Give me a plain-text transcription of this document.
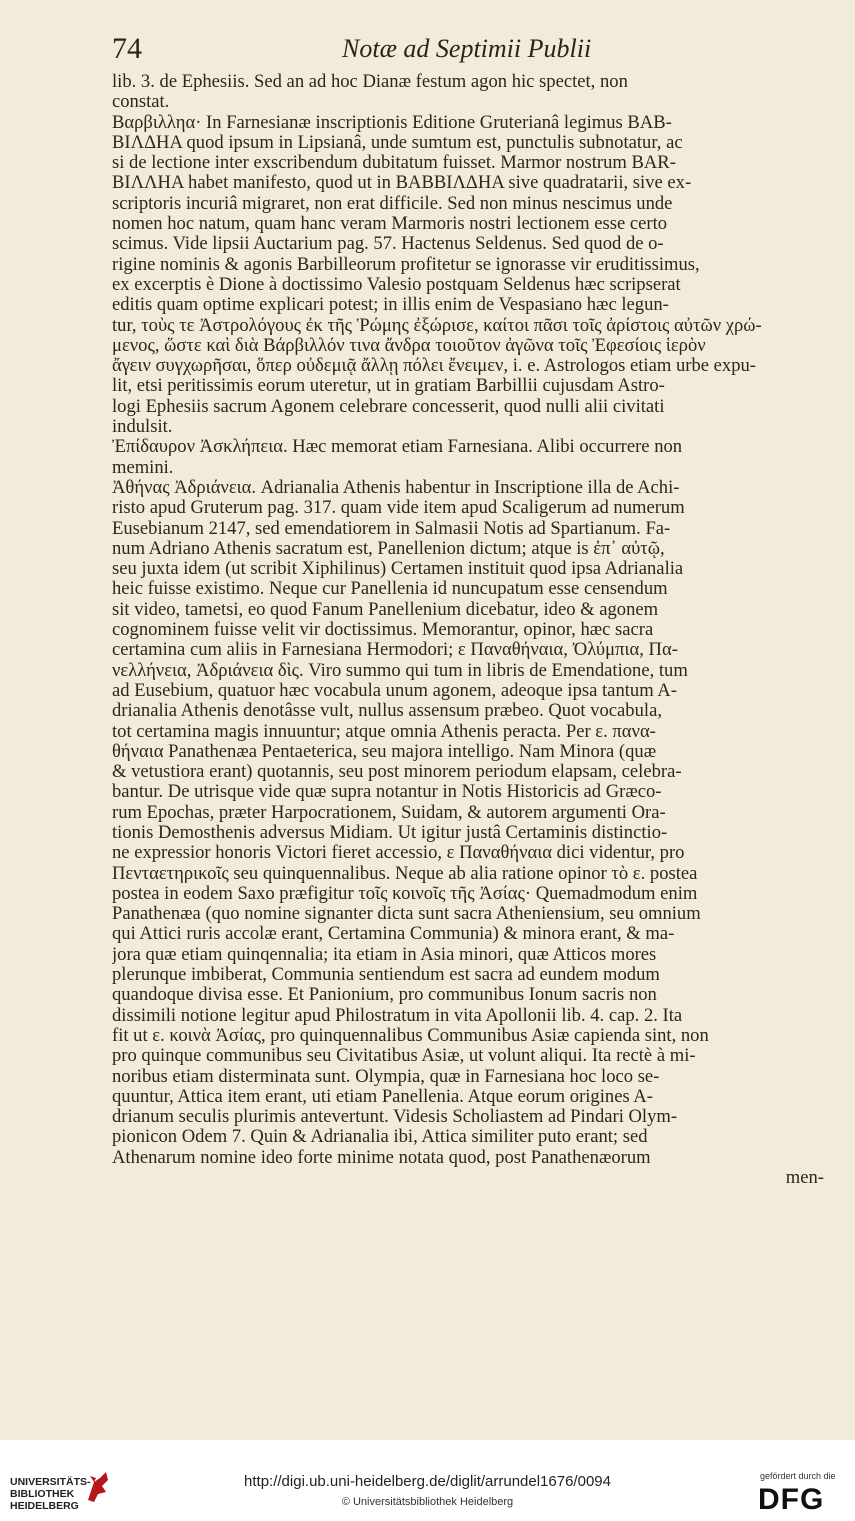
74	Notæ ad Septimii Publii
lib. 3. de Ephesiis. Sed an ad hoc Dianæ festum agon hic spectet, non
constat.
Βαρβιλληα· In Farnesianæ inscriptionis Editione Gruterianâ legimus BAB-
BIΛΔHA quod ipsum in Lipsianâ, unde sumtum est, punctulis subnotatur, ac
si de lectione inter exscribendum dubitatum fuisset. Marmor nostrum BAR-
BIΛΛHA habet manifesto, quod ut in BABBIΛΔHA sive quadratarii, sive ex-
scriptoris incuriâ migraret, non erat difficile. Sed non minus nescimus unde
nomen hoc natum, quam hanc veram Marmoris nostri lectionem esse certo
scimus. Vide lipsii Auctarium pag. 57. Hactenus Seldenus. Sed quod de o-
rigine nominis & agonis Barbilleorum profitetur se ignorasse vir eruditissimus,
ex excerptis è Dione à doctissimo Valesio postquam Seldenus hæc scripserat
editis quam optime explicari potest; in illis enim de Vespasiano hæc legun-
tur, τοὺς τε Ἀστρολόγους ἐκ τῆς Ῥώμης ἐξώρισε, καίτοι πᾶσι τοῖς ἀρίστοις αὐτῶν χρώ-
μενος, ὥστε καὶ διὰ Βάρβιλλόν τινα ἄνδρα τοιοῦτον ἀγῶνα τοῖς Ἐφεσίοις ἱερὸν
ἄγειν συγχωρῆσαι, ὅπερ οὐδεμιᾷ ἄλλῃ πόλει ἔνειμεν, i. e. Astrologos etiam urbe expu-
lit, etsi peritissimis eorum uteretur, ut in gratiam Barbillii cujusdam Astro-
logi Ephesiis sacrum Agonem celebrare concesserit, quod nulli alii civitati
indulsit.
Ἐπίδαυρον Ἀσκλήπεια. Hæc memorat etiam Farnesiana. Alibi occurrere non
memini.
Ἀθήνας Ἀδριάνεια. Adrianalia Athenis habentur in Inscriptione illa de Achi-
risto apud Gruterum pag. 317. quam vide item apud Scaligerum ad numerum
Eusebianum 2147, sed emendatiorem in Salmasii Notis ad Spartianum. Fa-
num Adriano Athenis sacratum est, Panellenion dictum; atque is ἐπ᾽ αὐτῷ,
seu juxta idem (ut scribit Xiphilinus) Certamen instituit quod ipsa Adrianalia
heic fuisse existimo. Neque cur Panellenia id nuncupatum esse censendum
sit video, tametsi, eo quod Fanum Panellenium dicebatur, ideo & agonem
cognominem fuisse velit vir doctissimus. Memorantur, opinor, hæc sacra
certamina cum aliis in Farnesiana Hermodori; ε Παναθήναια, Ὀλύμπια, Πα-
νελλήνεια, Ἀδριάνεια δὶς. Viro summo qui tum in libris de Emendatione, tum
ad Eusebium, quatuor hæc vocabula unum agonem, adeoque ipsa tantum A-
drianalia Athenis denotâsse vult, nullus assensum præbeo. Quot vocabula,
tot certamina magis innuuntur; atque omnia Athenis peracta. Per ε. πανα-
θήναια Panathenæa Pentaeterica, seu majora intelligo. Nam Minora (quæ
& vetustiora erant) quotannis, seu post minorem periodum elapsam, celebra-
bantur. De utrisque vide quæ supra notantur in Notis Historicis ad Græco-
rum Epochas, præter Harpocrationem, Suidam, & autorem argumenti Ora-
tionis Demosthenis adversus Midiam. Ut igitur justâ Certaminis distinctio-
ne expressior honoris Victori fieret accessio, ε Παναθήναια dici videntur, pro
Πενταετηρικοῖς seu quinquennalibus. Neque ab alia ratione opinor τὸ ε. postea
postea in eodem Saxo præfigitur τοῖς κοινοῖς τῆς Ἀσίας· Quemadmodum enim
Panathenæa (quo nomine signanter dicta sunt sacra Atheniensium, seu omnium
qui Attici ruris accolæ erant, Certamina Communia) & minora erant, & ma-
jora quæ etiam quinqennalia; ita etiam in Asia minori, quæ Atticos mores
plerunque imbiberat, Communia sentiendum est sacra ad eundem modum
quandoque divisa esse. Et Panionium, pro communibus Ionum sacris non
dissimili notione legitur apud Philostratum in vita Apollonii lib. 4. cap. 2. Ita
fit ut ε. κοινὰ Ἀσίας, pro quinquennalibus Communibus Asiæ capienda sint, non
pro quinque communibus seu Civitatibus Asiæ, ut volunt aliqui. Ita rectè à mi-
noribus etiam disterminata sunt. Olympia, quæ in Farnesiana hoc loco se-
quuntur, Attica item erant, uti etiam Panellenia. Atque eorum origines A-
drianum seculis plurimis antevertunt. Videsis Scholiastem ad Pindari Olym-
pionicon Odem 7. Quin & Adrianalia ibi, Attica similiter puto erant; sed
Athenarum nomine ideo forte minime notata quod, post Panathenæorum
men-
UNIVERSITÄTS-
BIBLIOTHEK
HEIDELBERG
http://digi.ub.uni-heidelberg.de/diglit/arrundel1676/0094
© Universitätsbibliothek Heidelberg
gefördert durch die
DFG
